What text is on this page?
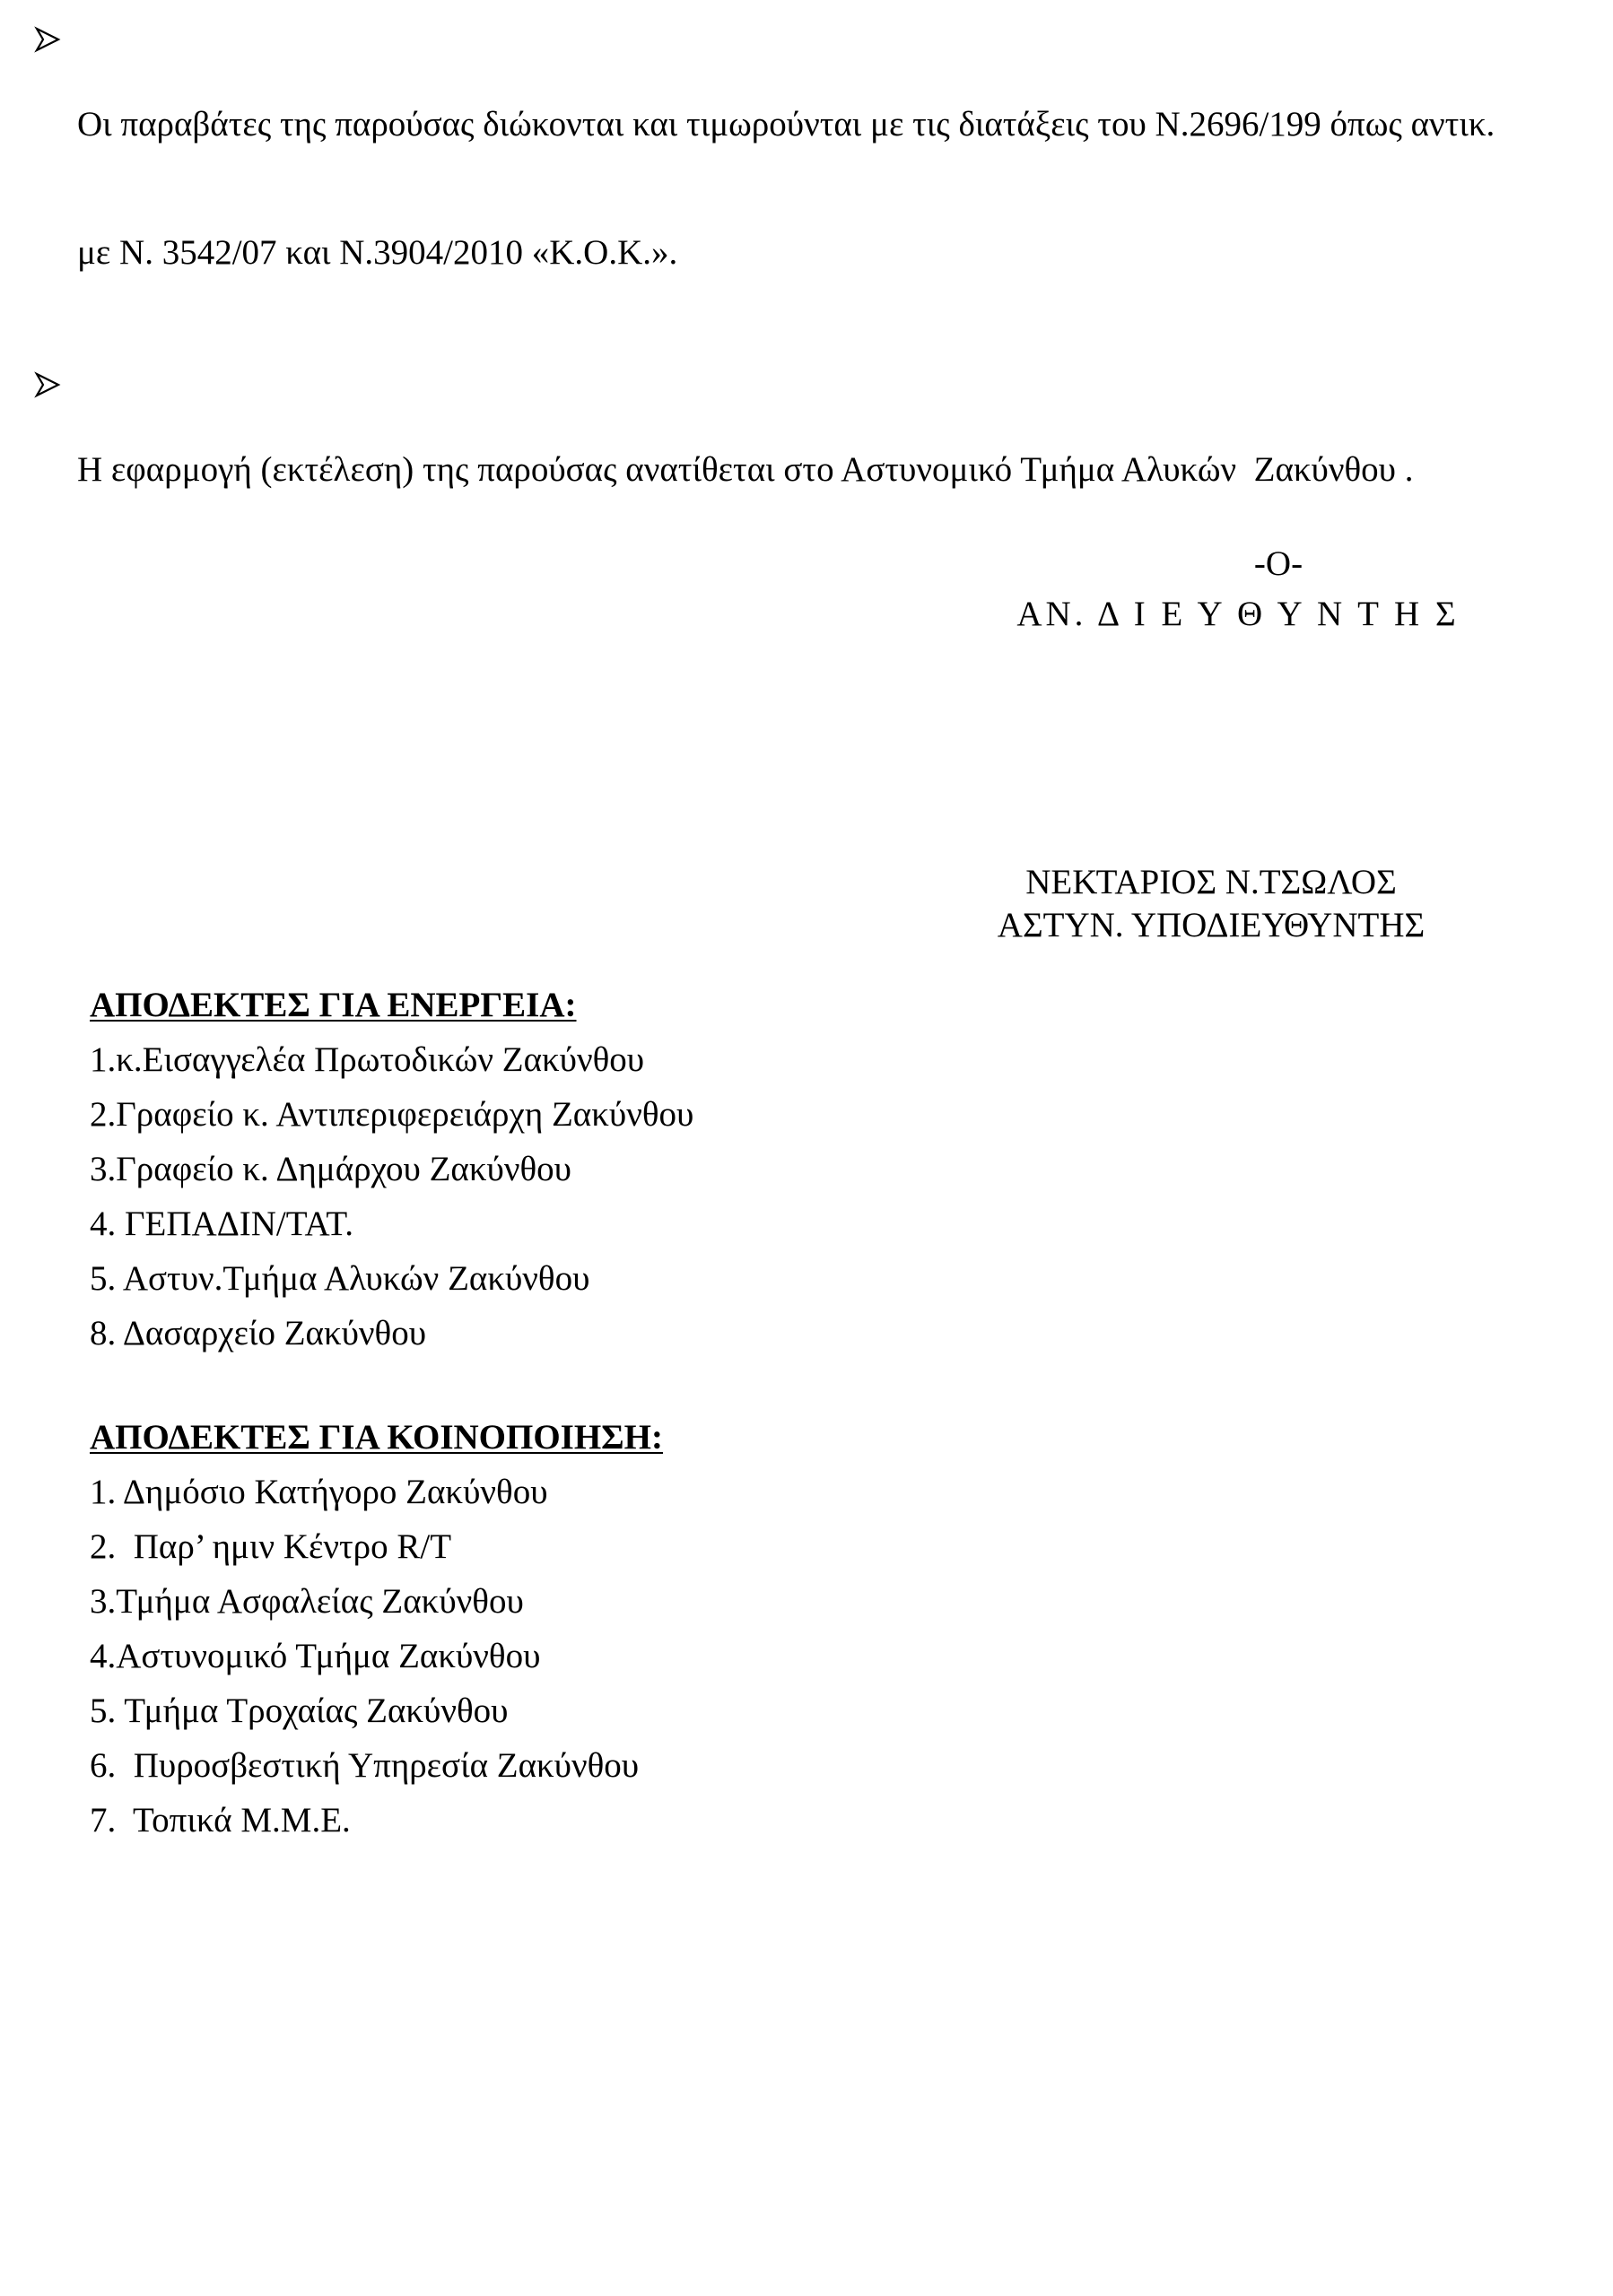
Οι παραβάτες της παρούσας διώκονται και τιμωρούνται με τις διατάξεις του Ν.2696/199 όπως αντικ.

με Ν. 3542/07 και Ν.3904/2010 «Κ.Ο.Κ.».

Η εφαρμογή (εκτέλεση) της παρούσας ανατίθεται στο Αστυνομικό Τμήμα Αλυκών  Ζακύνθου .

-Ο-
ΑΝ. Δ Ι Ε Υ Θ Υ Ν Τ Η Σ
ΝΕΚΤΑΡΙΟΣ Ν.ΤΣΩΛΟΣ
ΑΣΤΥΝ. ΥΠΟΔΙΕΥΘΥΝΤΗΣ
ΑΠΟΔΕΚΤΕΣ ΓΙΑ ΕΝΕΡΓΕΙΑ:
1.κ.Εισαγγελέα Πρωτοδικών Ζακύνθου
2.Γραφείο κ. Αντιπεριφερειάρχη Ζακύνθου
3.Γραφείο κ. Δημάρχου Ζακύνθου
4. ΓΕΠΑΔΙΝ/ΤΑΤ.
5. Αστυν.Τμήμα Αλυκών Ζακύνθου
8. Δασαρχείο Ζακύνθου
ΑΠΟΔΕΚΤΕΣ ΓΙΑ ΚΟΙΝΟΠΟΙΗΣΗ:
1. Δημόσιο Κατήγορο Ζακύνθου
2.  Παρ’ ημιν Κέντρο R/T
3.Τμήμα Ασφαλείας Ζακύνθου
4.Αστυνομικό Τμήμα Ζακύνθου
5. Τμήμα Τροχαίας Ζακύνθου
6.  Πυροσβεστική Υπηρεσία Ζακύνθου
7.  Τοπικά Μ.Μ.Ε.
